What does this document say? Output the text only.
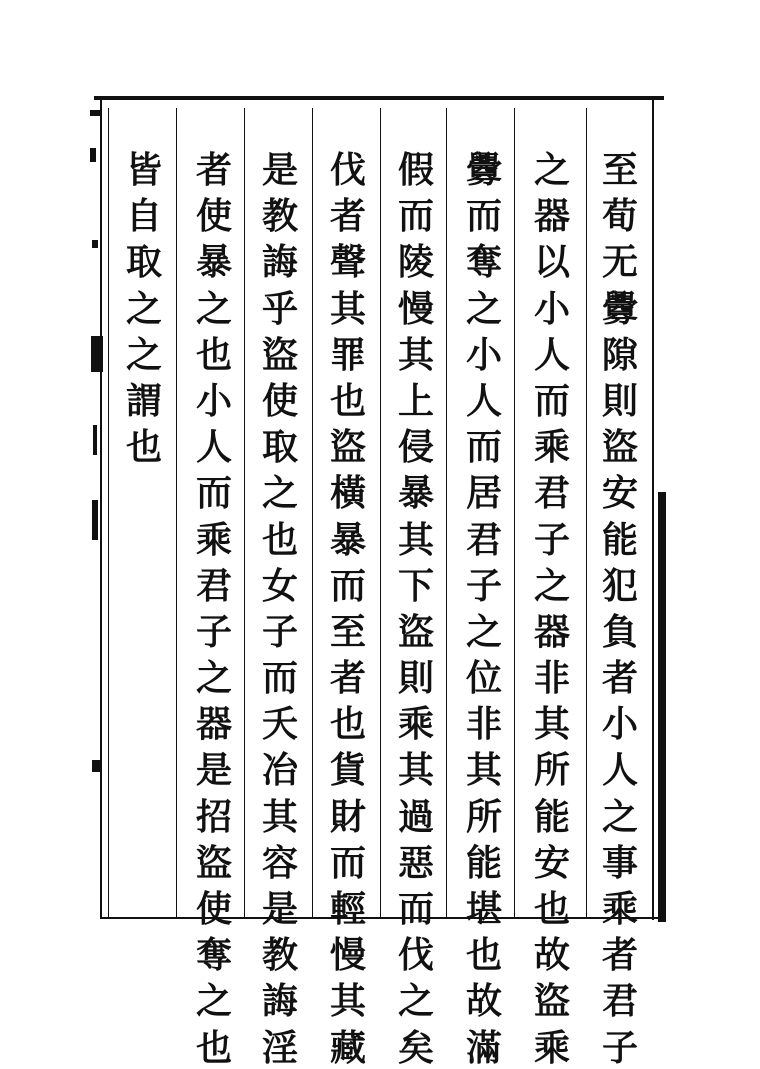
至
荀
无
釁
隙
則
盜
安
能
犯
負
者
小
人
之
事
乘
者
君
子
之
器
以
小
人
而
乘
君
子
之
器
非
其
所
能
安
也
故
盜
乘
釁
而
奪
之
小
人
而
居
君
子
之
位
非
其
所
能
堪
也
故
滿
假
而
陵
慢
其
上
侵
暴
其
下
盜
則
乘
其
過
惡
而
伐
之
矣
伐
者
聲
其
罪
也
盜
橫
暴
而
至
者
也
貨
財
而
輕
慢
其
藏
是
教
誨
乎
盜
使
取
之
也
女
子
而
夭
冶
其
容
是
教
誨
淫
者
使
暴
之
也
小
人
而
乘
君
子
之
器
是
招
盜
使
奪
之
也
皆
自
取
之
之
謂
也
